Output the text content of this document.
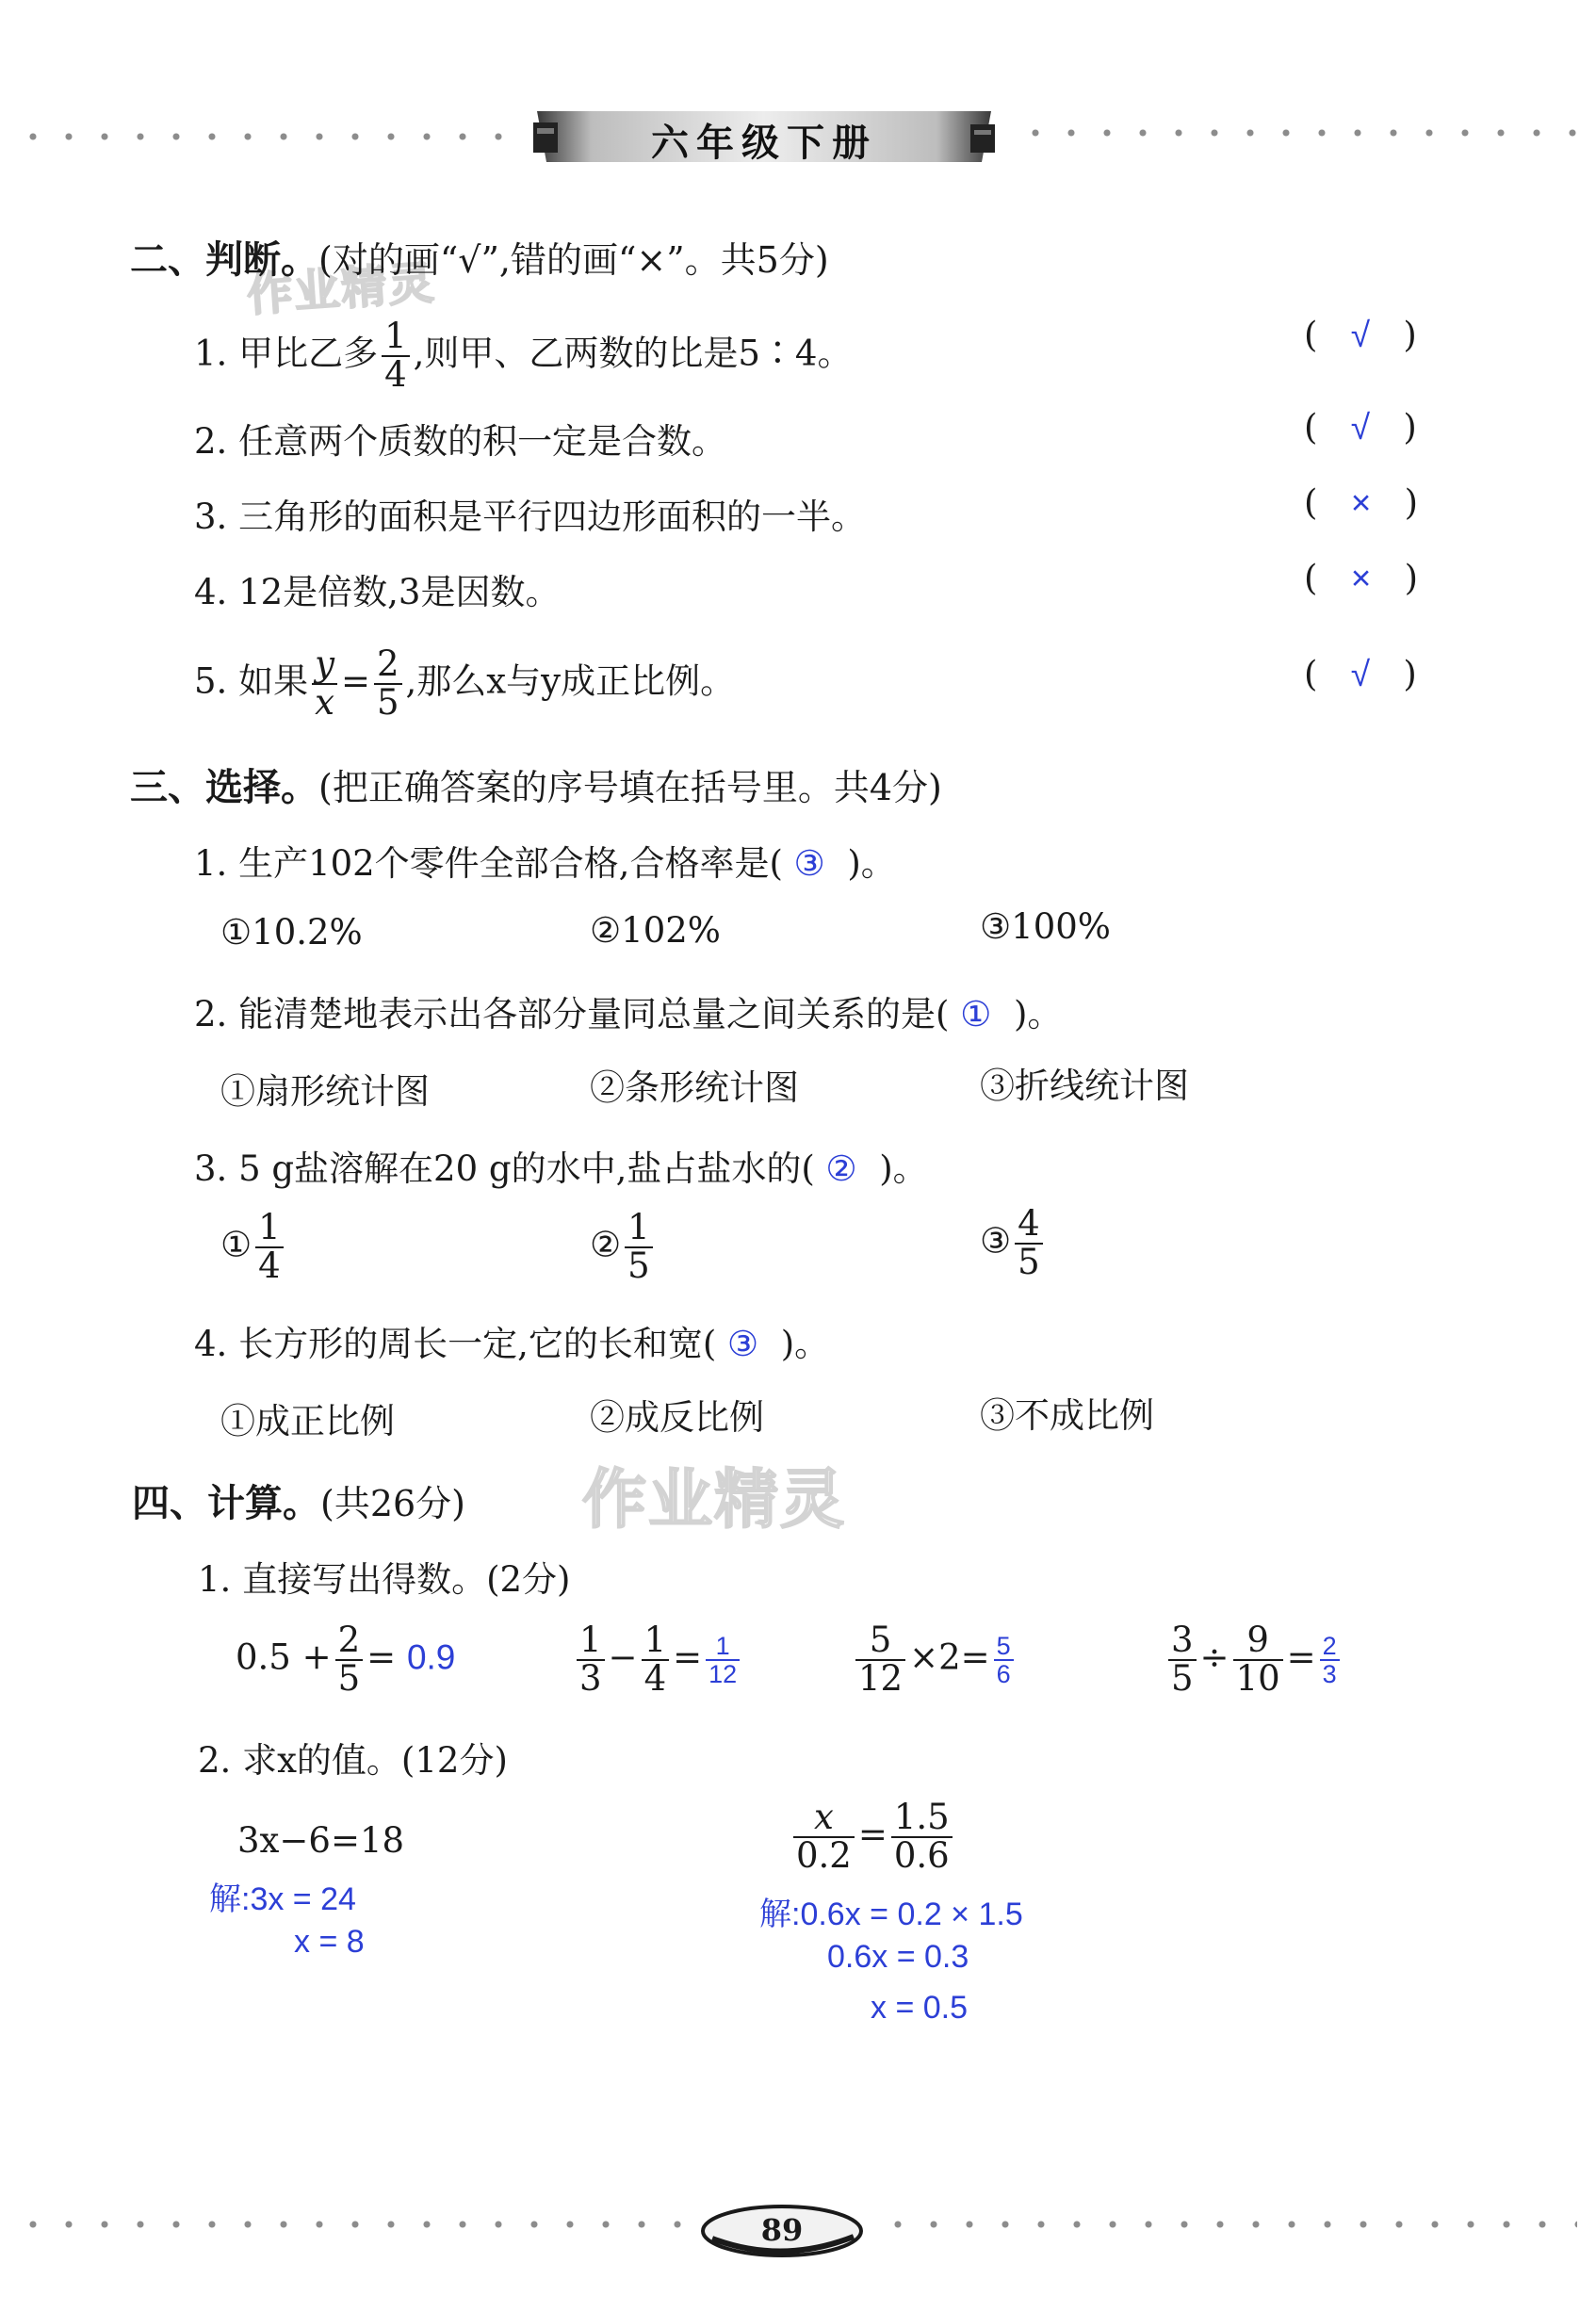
六年级下册
作业精灵
作业精灵
二、判断。(对的画“√”,错的画“×”。共5分)
1. 甲比乙多 $\frac{1}{4}$ ,则甲、乙两数的比是5∶4。	(   √   )
2. 任意两个质数的积一定是合数。	(   √   )
3. 三角形的面积是平行四边形面积的一半。	(   ×   )
4. 12是倍数,3是因数。	(   ×   )
5. 如果 $\frac{y}{x} = \frac{2}{5}$ ,那么x与y成正比例。	(   √   )
三、选择。(把正确答案的序号填在括号里。共4分)
1. 生产102个零件全部合格,合格率是( ③ )。
①10.2%	②102%	③100%
2. 能清楚地表示出各部分量同总量之间关系的是( ① )。
①扇形统计图	②条形统计图	③折线统计图
3. 5 g盐溶解在20 g的水中,盐占盐水的( ② )。
① $\frac{1}{4}$	② $\frac{1}{5}$	③ $\frac{4}{5}$
4. 长方形的周长一定,它的长和宽( ③ )。
①成正比例	②成反比例	③不成比例
四、计算。(共26分)
1. 直接写出得数。(2分)
$0.5 + \frac{2}{5} = 0.9$	$\frac{1}{3} - \frac{1}{4} = \frac{1}{12}$	$\frac{5}{12} \times 2= \frac{5}{6}$	$\frac{3}{5} \div \frac{9}{10} = \frac{2}{3}$
2. 求x的值。(12分)
3x−6=18
解:3x = 24
x = 8
$\frac{x}{0.2} = \frac{1.5}{0.6}$
解:0.6x = 0.2 × 1.5
0.6x = 0.3
x = 0.5
89
